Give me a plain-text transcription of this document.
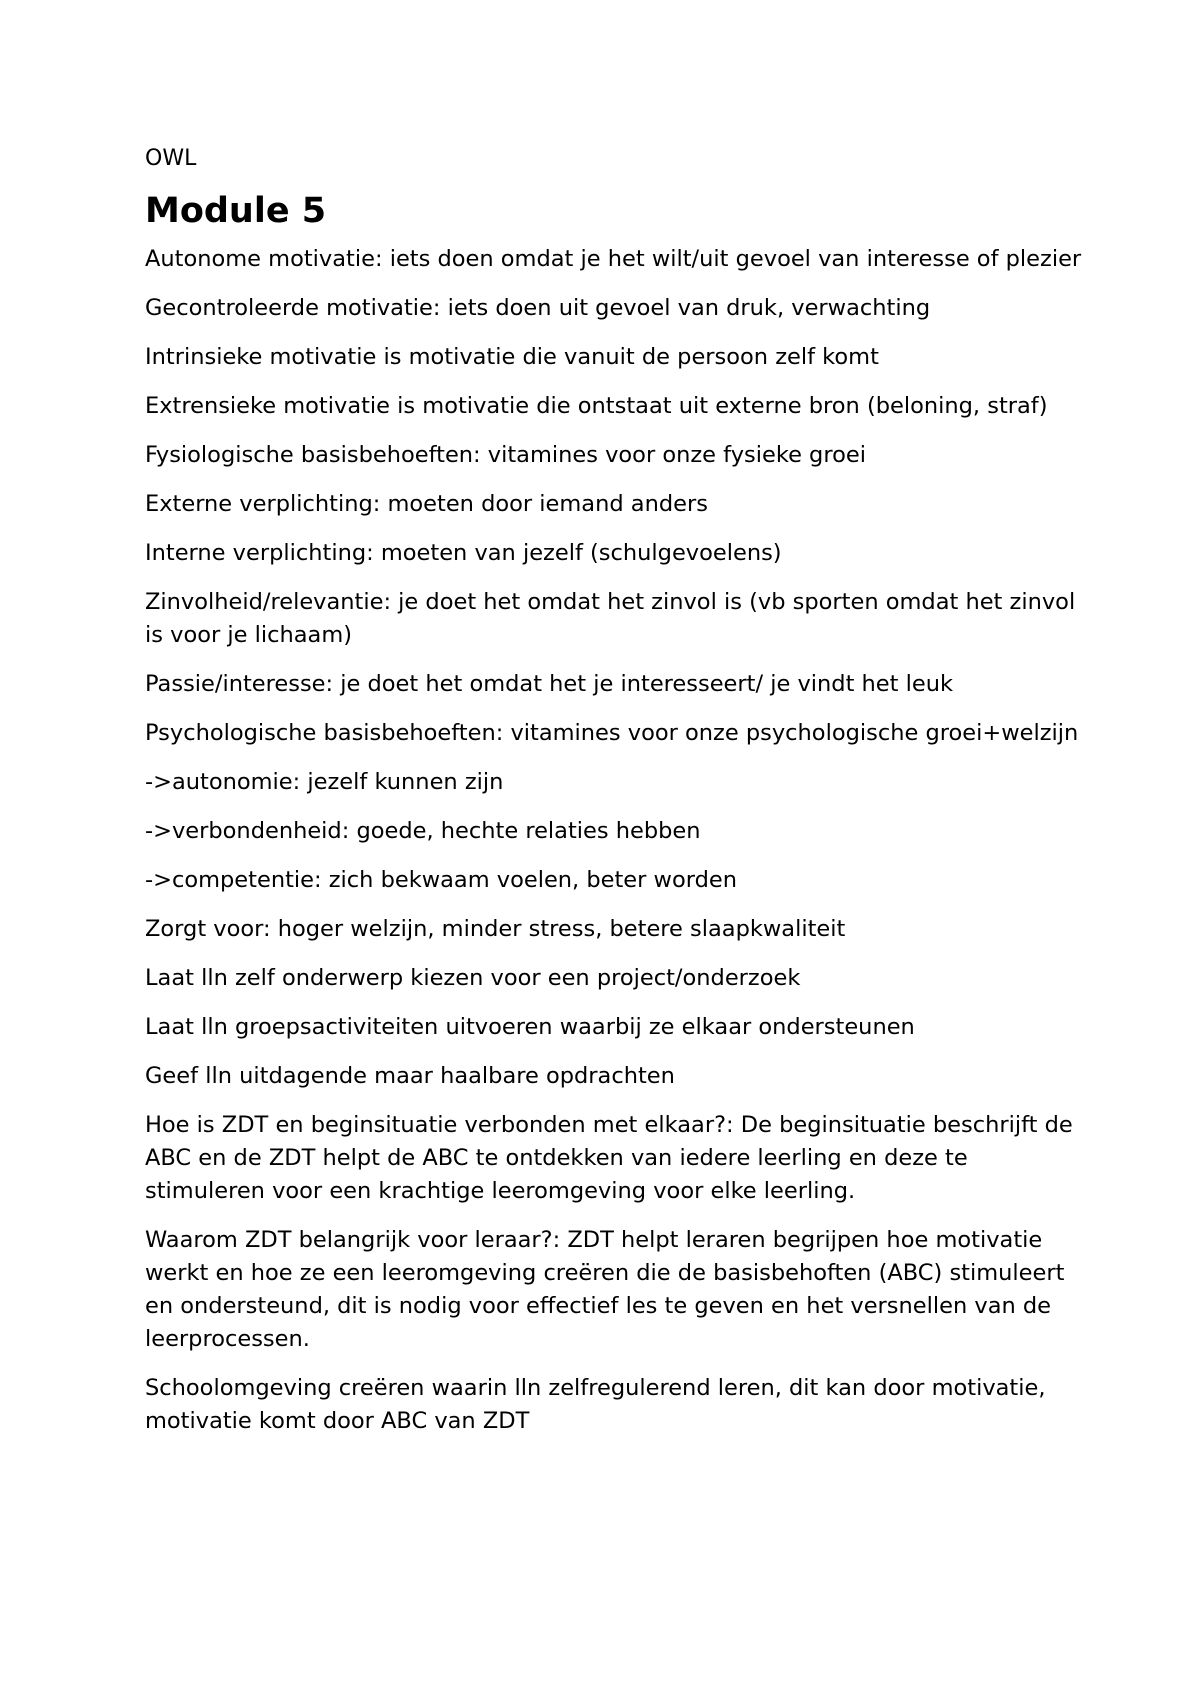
OWL
Module 5

Autonome motivatie: iets doen omdat je het wilt/uit gevoel van interesse of plezier

Gecontroleerde motivatie: iets doen uit gevoel van druk, verwachting

Intrinsieke motivatie is motivatie die vanuit de persoon zelf komt

Extrensieke motivatie is motivatie die ontstaat uit externe bron (beloning, straf)

Fysiologische basisbehoeften: vitamines voor onze fysieke groei

Externe verplichting: moeten door iemand anders

Interne verplichting: moeten van jezelf (schulgevoelens)

Zinvolheid/relevantie: je doet het omdat het zinvol is (vb sporten omdat het zinvol is voor je lichaam)

Passie/interesse: je doet het omdat het je interesseert/ je vindt het leuk

Psychologische basisbehoeften: vitamines voor onze psychologische groei+welzijn

->autonomie: jezelf kunnen zijn

->verbondenheid: goede, hechte relaties hebben

->competentie: zich bekwaam voelen, beter worden

Zorgt voor: hoger welzijn, minder stress, betere slaapkwaliteit

Laat lln zelf onderwerp kiezen voor een project/onderzoek

Laat lln groepsactiviteiten uitvoeren waarbij ze elkaar ondersteunen

Geef lln uitdagende maar haalbare opdrachten

Hoe is ZDT en beginsituatie verbonden met elkaar?: De beginsituatie beschrijft de ABC en de ZDT helpt de ABC te ontdekken van iedere leerling en deze te stimuleren voor een krachtige leeromgeving voor elke leerling.

Waarom ZDT belangrijk voor leraar?: ZDT helpt leraren begrijpen hoe motivatie werkt en hoe ze een leeromgeving creëren die de basisbehoften (ABC) stimuleert en ondersteund, dit is nodig voor effectief les te geven en het versnellen van de leerprocessen.

Schoolomgeving creëren waarin lln zelfregulerend leren, dit kan door motivatie, motivatie komt door ABC van ZDT
